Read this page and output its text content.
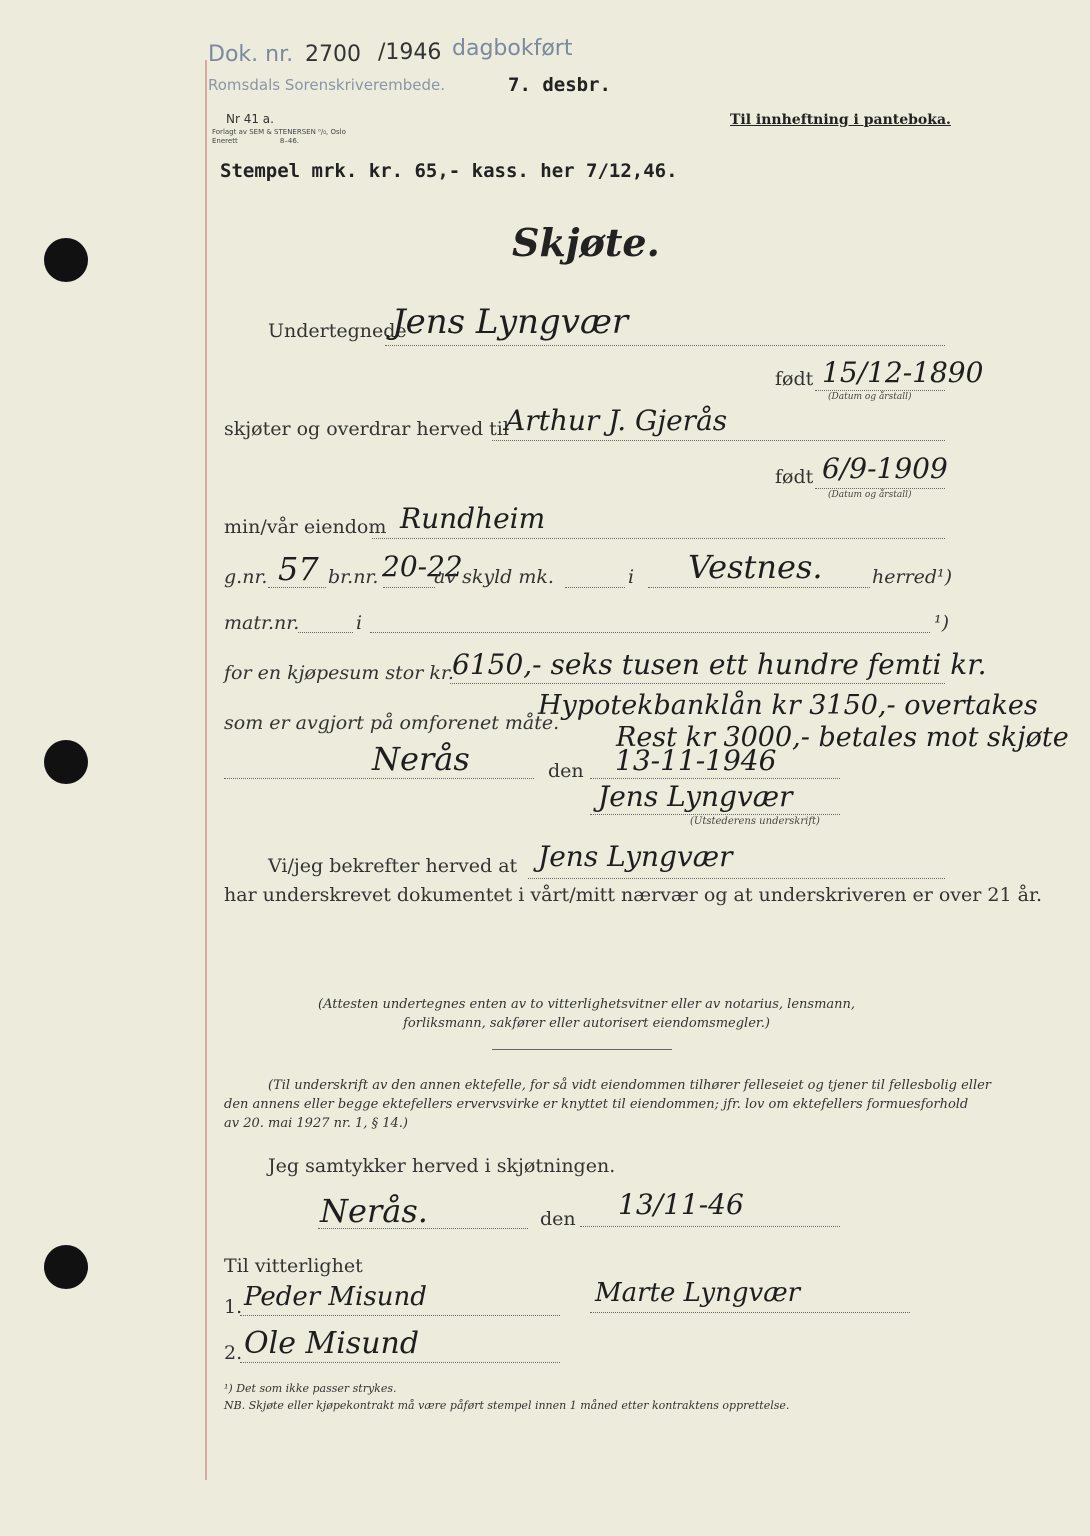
Dok. nr. 2700 /1946 dagbokført
Romsdals Sorenskriverembede.	7. desbr.
Nr 41 a.
Forlagt av SEM & STENERSEN ⁰/₀, Oslo
Enerett	8–46.
Til innheftning i panteboka.
Stempel mrk. kr. 65,- kass. her 7/12,46.
Skjøte.
Undertegnede
Jens Lyngvær
født 15/12-1890
(Datum og årstall)
skjøter og overdrar herved til
Arthur J. Gjerås
født 6/9-1909
(Datum og årstall)
min/vår eiendom Rundheim
g.nr. 57 br.nr. 20-22
av skyld mk.	i Vestnes.	herred¹)
matr.nr.	i	¹)
for en kjøpesum stor kr.
6150,- seks tusen ett hundre femti kr.
som er avgjort på omforenet måte.
Hypotekbanklån kr 3150,- overtakes
Rest kr 3000,- betales mot skjøte
Nerås	den 13-11-1946
Jens Lyngvær
(Utstederens underskrift)
Vi/jeg bekrefter herved at Jens Lyngvær
har underskrevet dokumentet i vårt/mitt nærvær og at underskriveren er over 21 år.
(Attesten undertegnes enten av to vitterlighetsvitner eller av notarius, lensmann,
forliksmann, sakfører eller autorisert eiendomsmegler.)
(Til underskrift av den annen ektefelle, for så vidt eiendommen tilhører felleseiet og tjener til fellesbolig eller
den annens eller begge ektefellers ervervsvirke er knyttet til eiendommen; jfr. lov om ektefellers formuesforhold
av 20. mai 1927 nr. 1, § 14.)
Jeg samtykker herved i skjøtningen.
Nerås.	den 13/11-46
Til vitterlighet
1. Peder Misund	Marte Lyngvær
2. Ole Misund
¹) Det som ikke passer strykes.
NB. Skjøte eller kjøpekontrakt må være påført stempel innen 1 måned etter kontraktens opprettelse.
